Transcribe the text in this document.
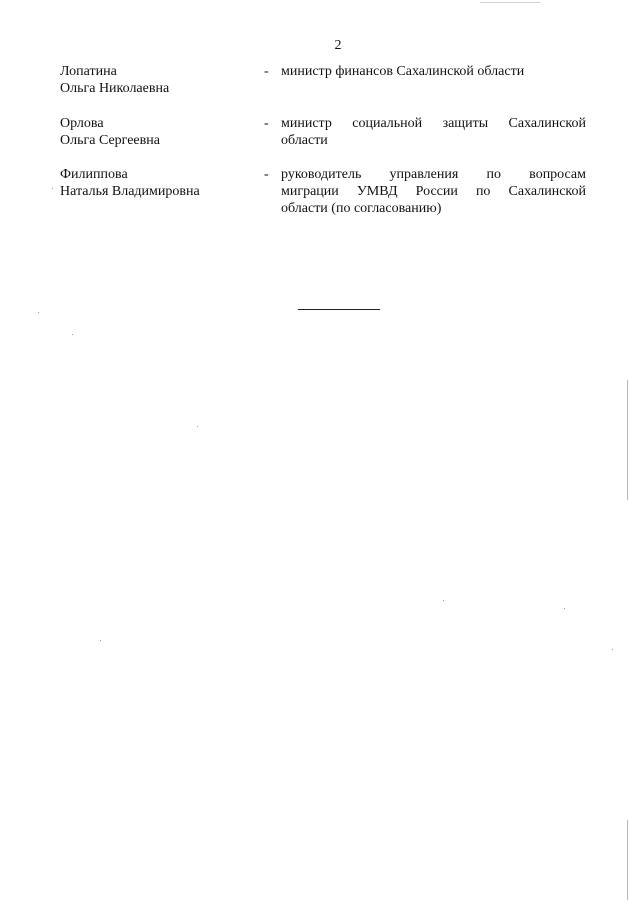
2
Лопатина
Ольга Николаевна
- министр финансов Сахалинской области
Орлова
Ольга Сергеевна
- министр социальной защиты Сахалинской
области
Филиппова
Наталья Владимировна
- руководитель управления по вопросам
миграции УМВД России по Сахалинской
области (по согласованию)
